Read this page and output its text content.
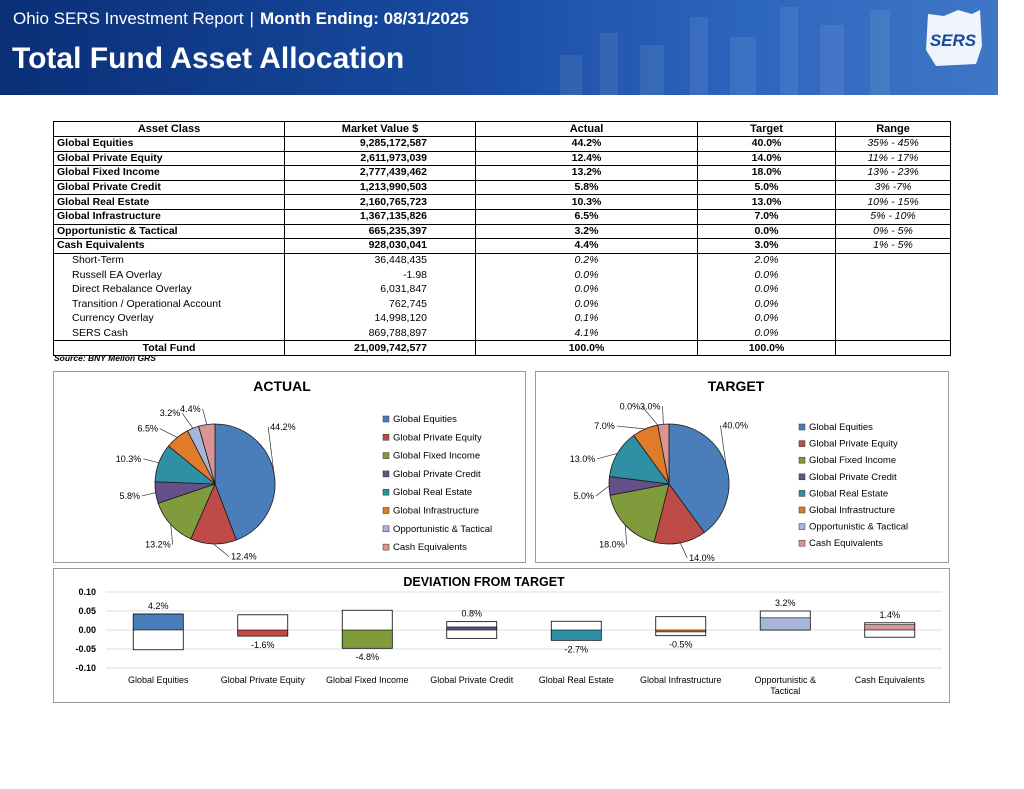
Ohio SERS Investment Report | Month Ending: 08/31/2025
Total Fund Asset Allocation
SERS
Asset Class	Market Value $	Actual	Target	Range
Global Equities	9,285,172,587	44.2%	40.0%	35% - 45%
Global Private Equity	2,611,973,039	12.4%	14.0%	11% - 17%
Global Fixed Income	2,777,439,462	13.2%	18.0%	13% - 23%
Global Private Credit	1,213,990,503	5.8%	5.0%	3% -7%
Global Real Estate	2,160,765,723	10.3%	13.0%	10% - 15%
Global Infrastructure	1,367,135,826	6.5%	7.0%	5% - 10%
Opportunistic & Tactical	665,235,397	3.2%	0.0%	0% - 5%
Cash Equivalents	928,030,041	4.4%	3.0%	1% - 5%
Short-Term	36,448,435	0.2%	2.0%	
Russell EA Overlay	-1.98	0.0%	0.0%	
Direct Rebalance Overlay	6,031,847	0.0%	0.0%	
Transition / Operational Account	762,745	0.0%	0.0%	
Currency Overlay	14,998,120	0.1%	0.0%	
SERS Cash	869,788,897	4.1%	0.0%	
Total Fund	21,009,742,577	100.0%	100.0%	
Source: BNY Mellon GRS
ACTUAL
44.2%
12.4%
13.2%
5.8%
10.3%
6.5%
3.2% 4.4%
Global Equities
Global Private Equity
Global Fixed Income
Global Private Credit
Global Real Estate
Global Infrastructure
Opportunistic & Tactical
Cash Equivalents
TARGET
40.0%
14.0%
18.0%
5.0%
13.0%
7.0%
0.0% 3.0%
Global Equities
Global Private Equity
Global Fixed Income
Global Private Credit
Global Real Estate
Global Infrastructure
Opportunistic & Tactical
Cash Equivalents
DEVIATION FROM TARGET
0.10
0.05
0.00
-0.05
-0.10
4.2%
Global Equities
-1.6%
Global Private Equity
-4.8%
Global Fixed Income
0.8%
Global Private Credit
-2.7%
Global Real Estate
-0.5%
Global Infrastructure
3.2%
Opportunistic &
Tactical
1.4%
Cash Equivalents
